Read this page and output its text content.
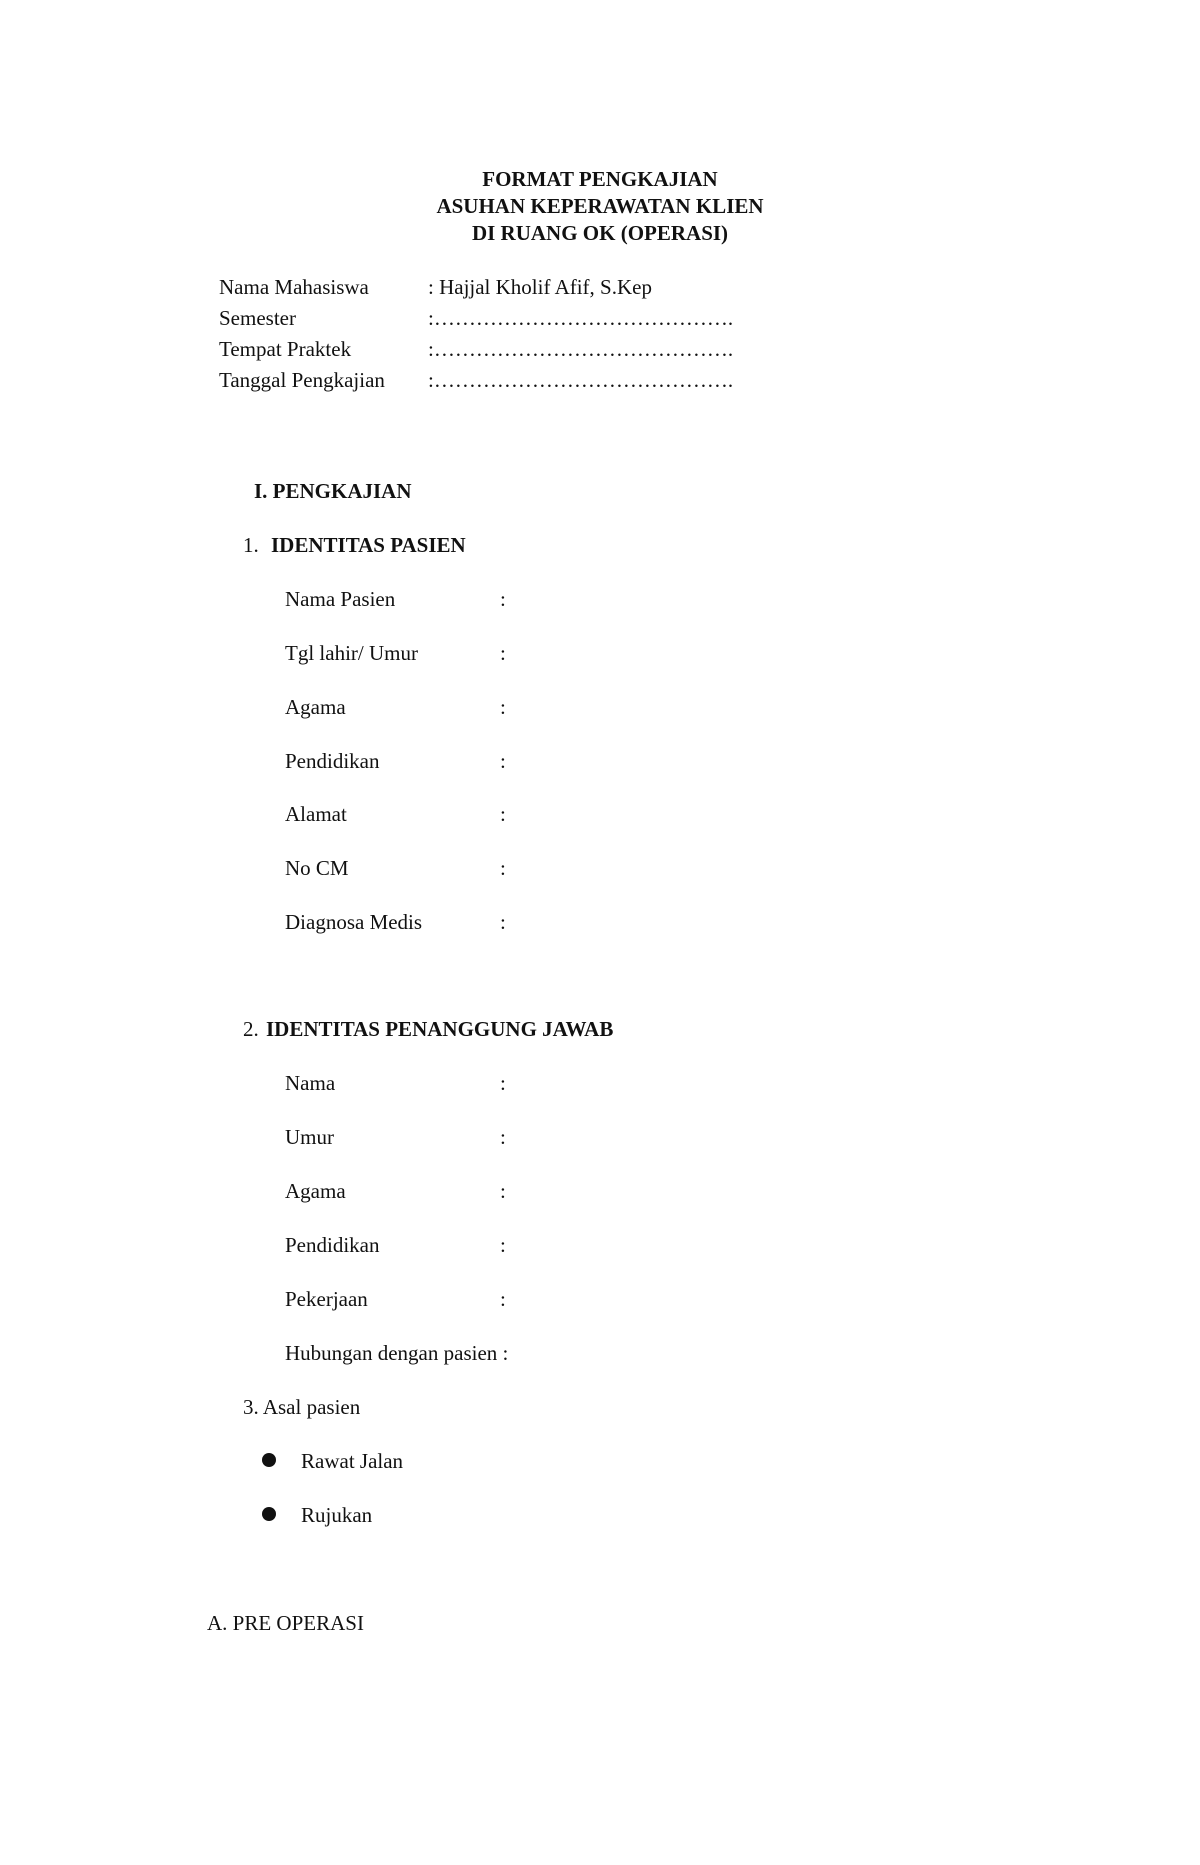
FORMAT PENGKAJIAN
ASUHAN KEPERAWATAN KLIEN
DI RUANG OK (OPERASI)
Nama Mahasiswa	: Hajjal Kholif Afif, S.Kep
Semester	:…………………………………….
Tempat Praktek	:…………………………………….
Tanggal Pengkajian :…………………………………….
I. PENGKAJIAN
1. IDENTITAS PASIEN
Nama Pasien	:
Tgl lahir/ Umur	:
Agama	:
Pendidikan	:
Alamat	:
No CM	:
Diagnosa Medis	:
2. IDENTITAS PENANGGUNG JAWAB
Nama	:
Umur	:
Agama	:
Pendidikan	:
Pekerjaan	:
Hubungan dengan pasien :
3. Asal pasien
Rawat Jalan
Rujukan
A. PRE OPERASI
